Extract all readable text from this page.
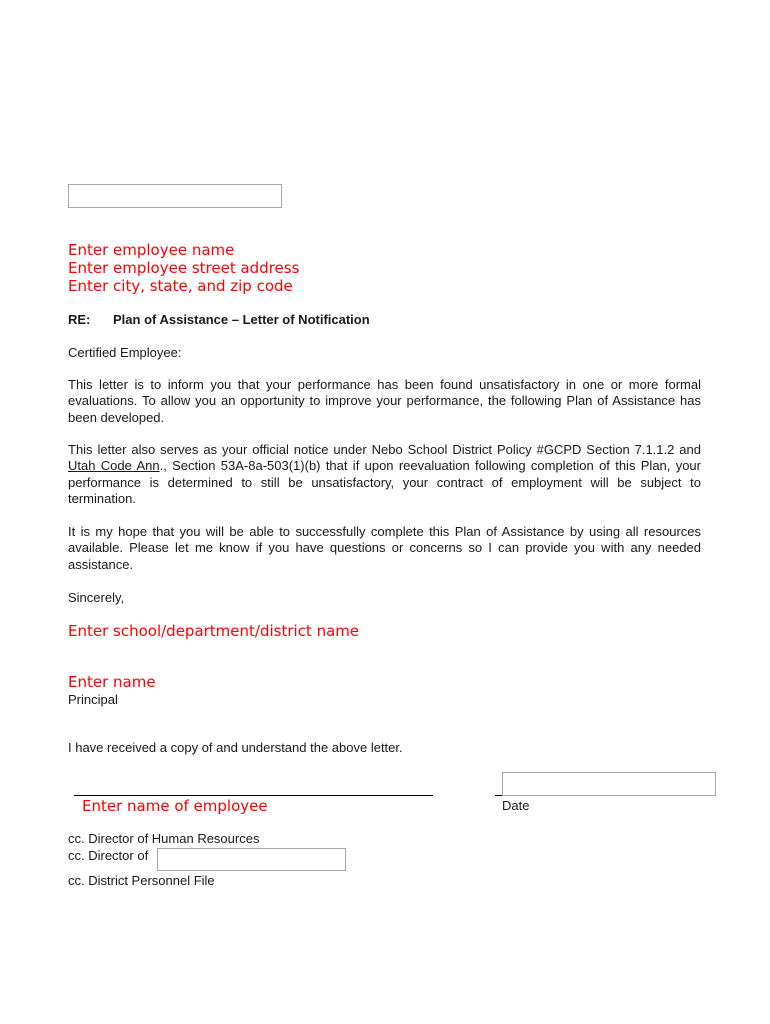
Enter employee name
Enter employee street address
Enter city, state, and zip code
RE: Plan of Assistance – Letter of Notification
Certified Employee:
This letter is to inform you that your performance has been found unsatisfactory in one or more formal evaluations. To allow you an opportunity to improve your performance, the following Plan of Assistance has been developed.
This letter also serves as your official notice under Nebo School District Policy #GCPD Section 7.1.1.2 and Utah Code Ann., Section 53A-8a-503(1)(b) that if upon reevaluation following completion of this Plan, your performance is determined to still be unsatisfactory, your contract of employment will be subject to termination.
It is my hope that you will be able to successfully complete this Plan of Assistance by using all resources available. Please let me know if you have questions or concerns so I can provide you with any needed assistance.
Sincerely,
Enter school/department/district name
Enter name
Principal
I have received a copy of and understand the above letter.
Enter name of employee	Date
cc. Director of Human Resources
cc. Director of
cc. District Personnel File
